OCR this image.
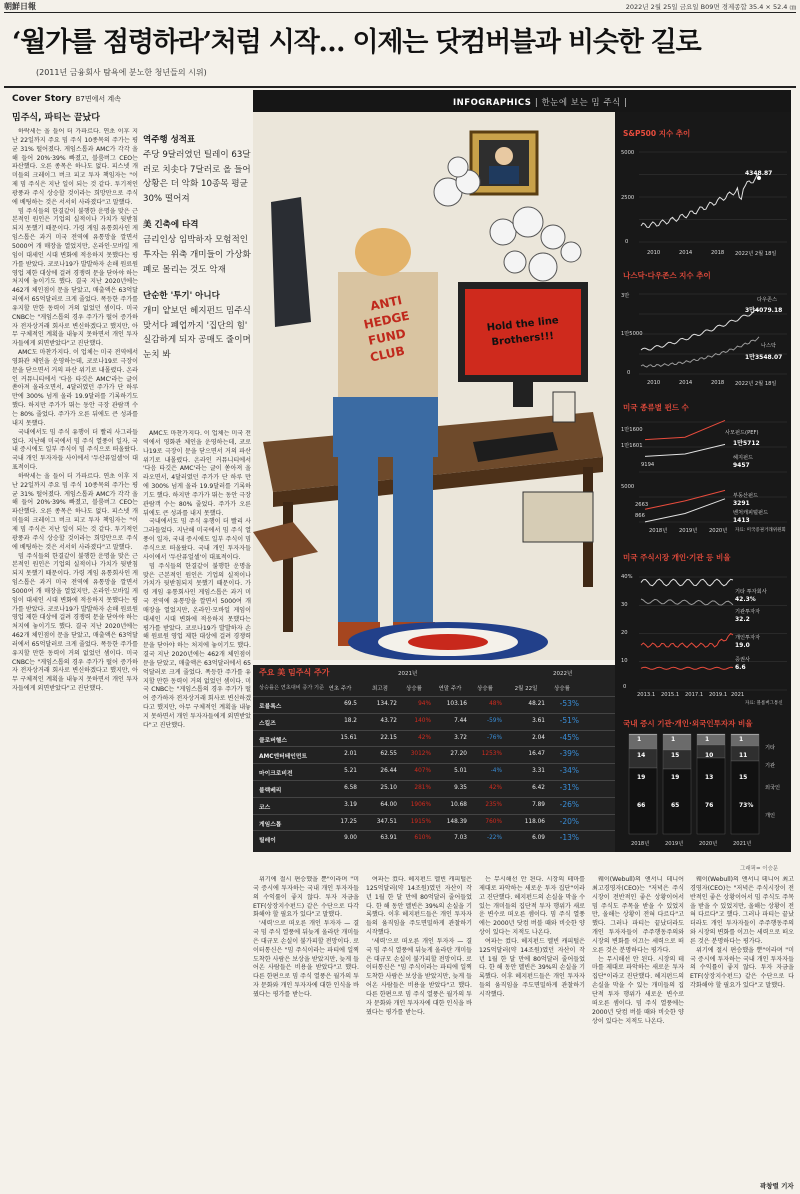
朝鮮日報	2022년 2월 25일 금요일 B09면 경제종합 35.4 × 52.4 ㎝
‘월가를 점령하라’처럼 시작… 이제는 닷컴버블과 비슷한 길로
(2011년 금융회사 탐욕에 분노한 청년들의 시위)
Cover Story B7면에서 계속
밈주식, 파티는 끝났다

하락세는 올 들어 더 가파르다. 연초 이후 지난 22일까지 주요 밈 주식 10종목의 주가는 평균 31% 떨어졌다. 게임스톱과 AMC가 각각 올해 들어 20%·39% 빠졌고, 블룸버그 CEO는 파산했다. 오른 종목은 하나도 없다. 피스넷 개미들의 크레이그 버크 피고 투자 책임자는 "이제 밈 주식은 지난 일이 되는 것 같다. 투기적인 광풍과 주식 상승할 것이라는 희망만으로 주식에 베팅하는 것은 서서히 사라졌다"고 말했다.

밈 주식들의 한결같이 불행한 운명을 맞은 근본적인 원인은 기업의 실적이나 가치가 뒷받침되지 못했기 때문이다. 가령 게임 유통회사인 게임스톱은 과거 미국 전역에 유통망을 깔면서 5000여 개 매장을 열었지만, 온라인·모바일 게임이 대세인 시대 변화에 적응하지 못했다는 평가를 받았다. 코로나19가 발발하자 손해 원료원 영업 제한 대상에 걸려 경쟁력 문을 닫아야 하는 처지에 놓이기도 했다. 결국 지난 2020년에는 462개 체인점이 문을 닫았고, 매출액은 63억달러에서 65억달러로 크게 줄었다. 폭등한 주가를 유지할 만한 동력이 거의 없었던 셈이다. 미국 CNBC는 "게임스톱의 경우 주가가 떨어 증가하자 전자상거래 회사로 변신하겠다고 했지만, 아무 구체적인 계획을 내놓지 못하면서 개인 투자자들에게 외면받았다"고 진단했다.

AMC도 마찬가지다. 이 업체는 미국 전역에서 영화관 체인을 운영하는데, 코로나19로 극장이 문을 닫으면서 거의 파산 위기로 내몰렸다. 온라인 커뮤니티에서 '다음 타깃은 AMC'라는 글이 쏟아져 올라오면서, 4달러였던 주가가 단 하루 만에 300% 넘게 올라 19.9달러를 기록하기도 했다. 하지만 주가가 뛰는 동안 극장 관람객 수는 80% 줄었다. 주가가 오른 뒤에도 큰 성과를 내지 못했다.

국내에서도 밈 주식 유행이 더 빨리 사그라들었다. 지난해 미국에서 밈 주식 열풍이 일자, 국내 증시에도 일부 주식이 밈 주식으로 떠올랐다. 국내 개인 투자자들 사이에서 '두산퓨얼셀'이 대표적이다.

하락세는 올 들어 더 가파르다. 연초 이후 지난 22일까지 주요 밈 주식 10종목의 주가는 평균 31% 떨어졌다. 게임스톱과 AMC가 각각 올해 들어 20%·39% 빠졌고, 블룸버그 CEO는 파산했다. 오른 종목은 하나도 없다. 피스넷 개미들의 크레이그 버크 피고 투자 책임자는 "이제 밈 주식은 지난 일이 되는 것 같다. 투기적인 광풍과 주식 상승할 것이라는 희망만으로 주식에 베팅하는 것은 서서히 사라졌다"고 말했다.

밈 주식들의 한결같이 불행한 운명을 맞은 근본적인 원인은 기업의 실적이나 가치가 뒷받침되지 못했기 때문이다. 가령 게임 유통회사인 게임스톱은 과거 미국 전역에 유통망을 깔면서 5000여 개 매장을 열었지만, 온라인·모바일 게임이 대세인 시대 변화에 적응하지 못했다는 평가를 받았다. 코로나19가 발발하자 손해 원료원 영업 제한 대상에 걸려 경쟁력 문을 닫아야 하는 처지에 놓이기도 했다. 결국 지난 2020년에는 462개 체인점이 문을 닫았고, 매출액은 63억달러에서 65억달러로 크게 줄었다. 폭등한 주가를 유지할 만한 동력이 거의 없었던 셈이다. 미국 CNBC는 "게임스톱의 경우 주가가 떨어 증가하자 전자상거래 회사로 변신하겠다고 했지만, 아무 구체적인 계획을 내놓지 못하면서 개인 투자자들에게 외면받았다"고 진단했다.

역주행 성적표
주당 9달러였던 틸레이 63달러로 치솟다 7달러로 올 들어 상황은 더 악화 10종목 평균 30% 떨어져
美 긴축에 타격
금리인상 임박하자 모험적인 투자는 위축 개미들이 가상화폐로 몰리는 것도 악재
단순한 '투기' 아니다
개미 얕보던 헤지펀드 밈주식 맞서다 폐업까지 '집단의 힘' 실감하게 되자 공매도 줄이며 눈치 봐

AMC도 마찬가지다. 이 업체는 미국 전역에서 영화관 체인을 운영하는데, 코로나19로 극장이 문을 닫으면서 거의 파산 위기로 내몰렸다. 온라인 커뮤니티에서 '다음 타깃은 AMC'라는 글이 쏟아져 올라오면서, 4달러였던 주가가 단 하루 만에 300% 넘게 올라 19.9달러를 기록하기도 했다. 하지만 주가가 뛰는 동안 극장 관람객 수는 80% 줄었다. 주가가 오른 뒤에도 큰 성과를 내지 못했다.

국내에서도 밈 주식 유행이 더 빨리 사그라들었다. 지난해 미국에서 밈 주식 열풍이 일자, 국내 증시에도 일부 주식이 밈 주식으로 떠올랐다. 국내 개인 투자자들 사이에서 '두산퓨얼셀'이 대표적이다.

밈 주식들의 한결같이 불행한 운명을 맞은 근본적인 원인은 기업의 실적이나 가치가 뒷받침되지 못했기 때문이다. 가령 게임 유통회사인 게임스톱은 과거 미국 전역에 유통망을 깔면서 5000여 개 매장을 열었지만, 온라인·모바일 게임이 대세인 시대 변화에 적응하지 못했다는 평가를 받았다. 코로나19가 발발하자 손해 원료원 영업 제한 대상에 걸려 경쟁력 문을 닫아야 하는 처지에 놓이기도 했다. 결국 지난 2020년에는 462개 체인점이 문을 닫았고, 매출액은 63억달러에서 65억달러로 크게 줄었다. 폭등한 주가를 유지할 만한 동력이 거의 없었던 셈이다. 미국 CNBC는 "게임스톱의 경우 주가가 떨어 증가하자 전자상거래 회사로 변신하겠다고 했지만, 아무 구체적인 계획을 내놓지 못하면서 개인 투자자들에게 외면받았다"고 진단했다.

INFOGRAPHICS | 한눈에 보는 밈 주식 |
Hold the line
Brothers!!!
ANTI
HEDGE
FUND
CLUB
S&P500 지수 추이
5000
2500
0
2010	2014	2018 2022년 2월 18일
4348.87
나스닥·다우존스 지수 추이
3만
1만5000
0
2010	2014	2018 2022년 2월 18일
다우존스
3만4079.18
나스닥
1만3548.07
미국 종류별 펀드 수
1만1601
1만1600
9194
사모펀드(PEF)
1만5712
헤지펀드
9457
5000
2663
866
부동산펀드
3291
벤처캐피털펀드
1413
2018년 2019년 2020년 자료: 미국증권거래위원회
미국 주식시장 개인·기관 등 비율
40%
30
20
10
0
기타 투자회사
42.3%
기관투자자
32.2
개인투자자
19.0
증권사
6.6
2013.1 2015.1 2017.1 2019.1 2021
자료: 블룸버그통신
국내 증시 기관·개인·외국인투자자 비율
1
14
19
66
2018년
1
15
19
65
2019년
1
10
13
76
2020년
1
11
15
73%
2021년
기타
기관
외국인
개인
주요 美 밈주식 주가	2021년	2022년
상승률은 연초대비 증가 기준 연초 주가	최고점	상승률	연말 주가	상승률	2월 22일	상승률
로블록스	69.5	134.72	94%	103.16	48%	48.21	-53%
스킬즈	18.2	43.72	140%	7.44	-59%	3.61	-51%
클로버헬스	15.61	22.15	42%	3.72	-76%	2.04	-45%
AMC엔터테인먼트	2.01	62.55	3012%	27.20	1253%	16.47	-39%
마이크로비전	5.21	26.44	407%	5.01	-4%	3.31	-34%
블랙베리	6.58	25.10	281%	9.35	42%	6.42	-31%
코스	3.19	64.00	1906%	10.68	235%	7.89	-26%
게임스톱	17.25	347.51	1915%	148.39	760%	118.06	-20%
틸레이	9.00	63.91	610%	7.03	-22%	6.09	-13%
그래픽= 이승문

위기에 절시 편승했을 뿐"이라며 "미국 증시에 투자하는 국내 개인 투자자들의 수익률이 좋지 않다. 투자 자금을 ETF(상장지수펀드) 같은 수단으로 다각화해야 할 필요가 있다"고 말했다.

'세력'으로 떠오른 개인 투자자 — 결국 밈 주식 열풍에 뒤늦게 올라탄 개미들은 대규모 손실이 불가피할 전망이다. 로이터통신은 "밈 주식이라는 파티에 일찍 도착한 사람은 보상을 받았지만, 늦게 들어온 사람들은 비용을 받았다"고 했다. 다른 한편으로 밈 주식 열풍은 월가의 투자 문화와 개인 투자자에 대한 인식을 바꿨다는 평가를 받는다.

여파는 컸다. 헤지펀드 멜빈 캐피털은 125억달러(약 14조원)였던 자산이 작년 1월 한 달 만에 80억달러 줄어들었다. 한 해 동안 멜빈은 39%의 손실을 기록했다. 이후 헤지펀드들은 개인 투자자들의 움직임을 주도면밀하게 관찰하기 시작했다.

'세력'으로 떠오른 개인 투자자 — 결국 밈 주식 열풍에 뒤늦게 올라탄 개미들은 대규모 손실이 불가피할 전망이다. 로이터통신은 "밈 주식이라는 파티에 일찍 도착한 사람은 보상을 받았지만, 늦게 들어온 사람들은 비용을 받았다"고 했다. 다른 한편으로 밈 주식 열풍은 월가의 투자 문화와 개인 투자자에 대한 인식을 바꿨다는 평가를 받는다.

는 무시해선 안 된다. 시장의 테마를 제대로 파악하는 새로운 투자 집단"이라고 진단했다. 헤지펀드의 손실을 막을 수 있는 개미들의 집단적 투자 행위가 새로운 변수로 떠오른 셈이다. 밈 주식 열풍에는 2000년 닷컴 버블 때와 비슷한 양상이 있다는 지적도 나온다.

여파는 컸다. 헤지펀드 멜빈 캐피털은 125억달러(약 14조원)였던 자산이 작년 1월 한 달 만에 80억달러 줄어들었다. 한 해 동안 멜빈은 39%의 손실을 기록했다. 이후 헤지펀드들은 개인 투자자들의 움직임을 주도면밀하게 관찰하기 시작했다.

웨이(Webull)의 앤서니 데니어 최고경영자(CEO)는 "저녁은 주식시장이 전반적인 좋은 상황이어서 밈 주식도 주목을 받을 수 있었지만, 올해는 상황이 전혀 다르다"고 했다. 그러나 파티는 끝났더라도 개인 투자자들이 주주행동주의와 시장의 변화를 이끄는 세력으로 떠오른 것은 분명하다는 평가다.

는 무시해선 안 된다. 시장의 테마를 제대로 파악하는 새로운 투자 집단"이라고 진단했다. 헤지펀드의 손실을 막을 수 있는 개미들의 집단적 투자 행위가 새로운 변수로 떠오른 셈이다. 밈 주식 열풍에는 2000년 닷컴 버블 때와 비슷한 양상이 있다는 지적도 나온다.

웨이(Webull)의 앤서니 데니어 최고경영자(CEO)는 "저녁은 주식시장이 전반적인 좋은 상황이어서 밈 주식도 주목을 받을 수 있었지만, 올해는 상황이 전혀 다르다"고 했다. 그러나 파티는 끝났더라도 개인 투자자들이 주주행동주의와 시장의 변화를 이끄는 세력으로 떠오른 것은 분명하다는 평가다.

위기에 절시 편승했을 뿐"이라며 "미국 증시에 투자하는 국내 개인 투자자들의 수익률이 좋지 않다. 투자 자금을 ETF(상장지수펀드) 같은 수단으로 다각화해야 할 필요가 있다"고 말했다.

곽창렬 기자
